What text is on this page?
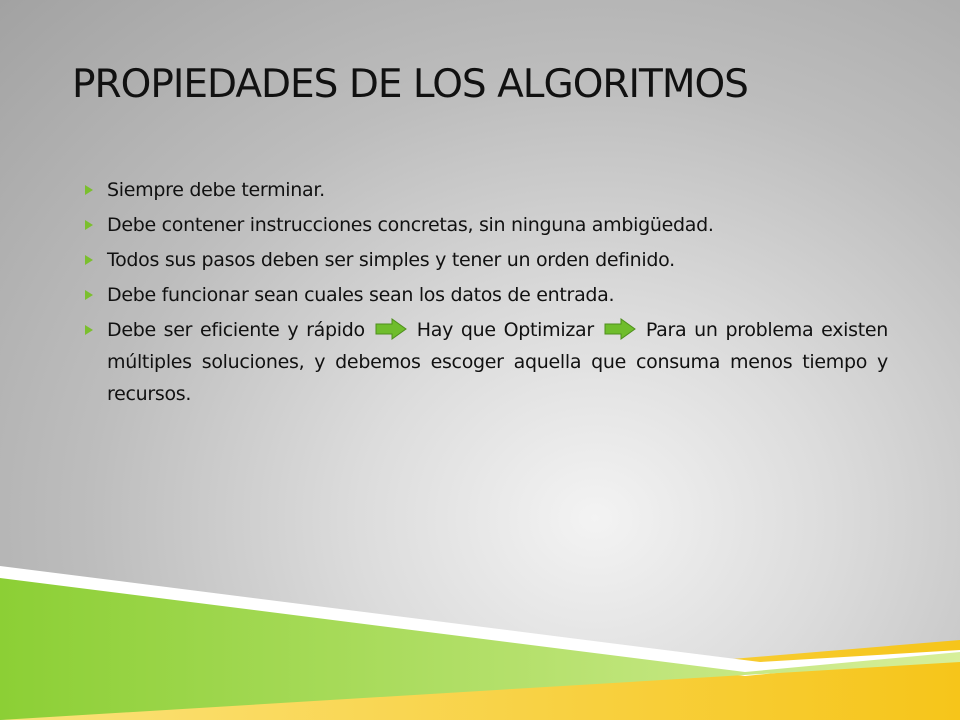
PROPIEDADES DE LOS ALGORITMOS
Siempre debe terminar.
Debe contener instrucciones concretas, sin ninguna ambigüedad.
Todos sus pasos deben ser simples y tener un orden definido.
Debe funcionar sean cuales sean los datos de entrada.
Debe ser eficiente y rápido	Hay que Optimizar	Para un problema existen múltiples soluciones, y debemos escoger aquella que consuma menos tiempo y recursos.
